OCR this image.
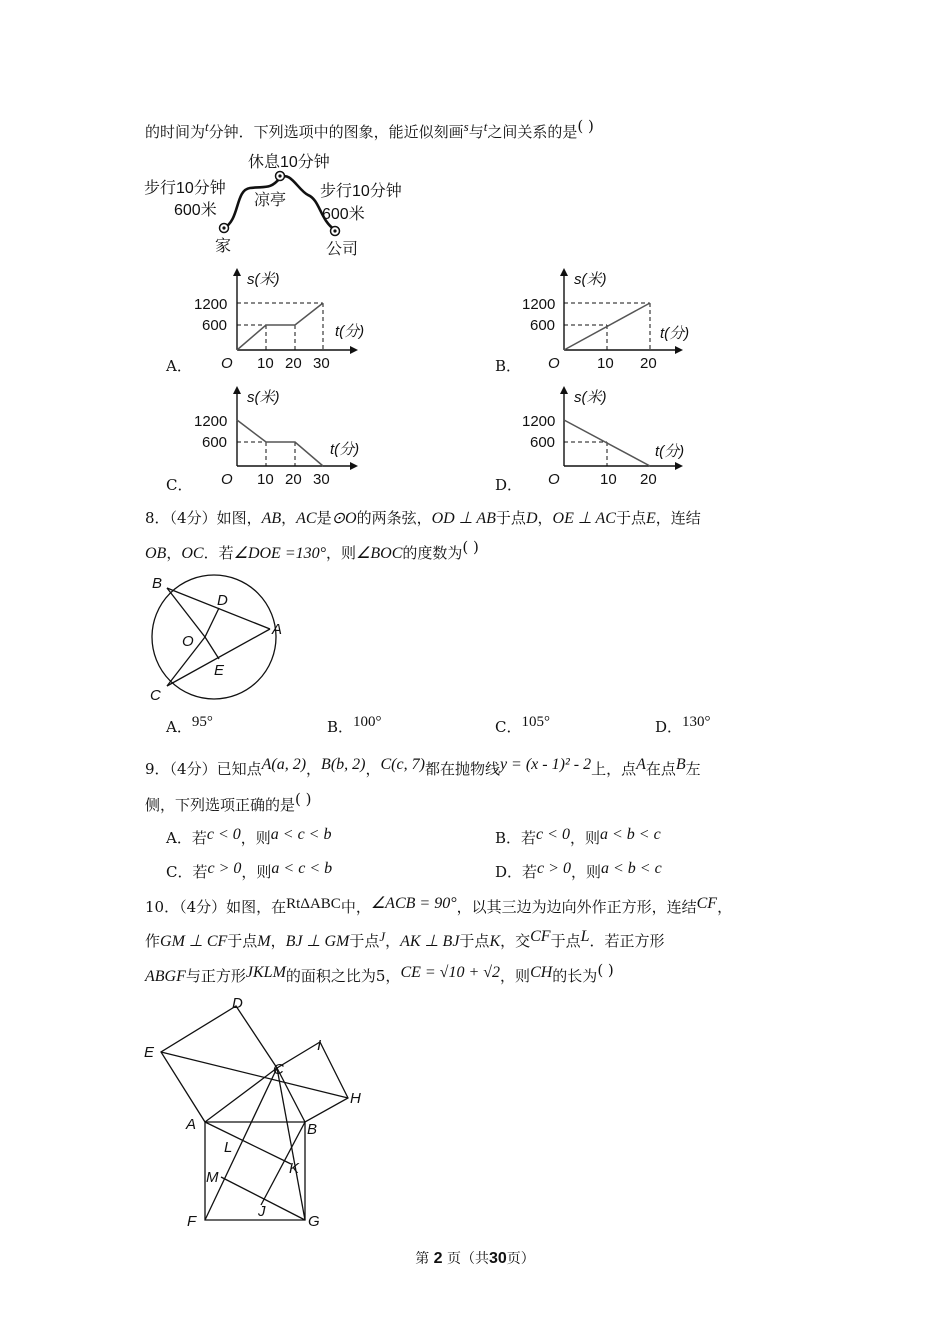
的时间为t分钟．下列选项中的图象，能近似刻画s与t之间关系的是( )
休息10分钟
步行10分钟
600米
凉亭
步行10分钟
600米
家	公司
A．	B．
C．	D．
s(米)
t(分)
1200
600
O 10 20 30
s(米)
t(分)
1200
600
O 10 20
s(米)
t(分)
1200
600
O 10 20 30
s(米)
t(分)
1200
600
O	10 20
8．（4分）如图，AB，AC是⊙O的两条弦，OD ⊥ AB于点D，OE ⊥ AC于点E，连结
OB，OC．若∠DOE =130°，则∠BOC的度数为( )
B
D
A
O
E
C
A．95°	B．100°	C．105°	D．130°
9．（4分）已知点A(a, 2)，B(b, 2)，C(c, 7)都在抛物线y = (x - 1)² - 2上，点A在点B左
侧，下列选项正确的是( )
A．若c < 0，则a < c < b	B．若c < 0，则a < b < c
C．若c > 0，则a < c < b	D．若c > 0，则a < b < c
10．（4分）如图，在RtΔABC中，∠ACB = 90°，以其三边为边向外作正方形，连结CF，
作GM ⊥ CF于点M，BJ ⊥ GM于点J，AK ⊥ BJ于点K，交CF于点L．若正方形
ABGF与正方形JKLM的面积之比为5，CE = √10 + √2，则CH的长为( )
D
E	I
C
H
A	B
L
K
M
F
J
G
第 2 页（共30页）
